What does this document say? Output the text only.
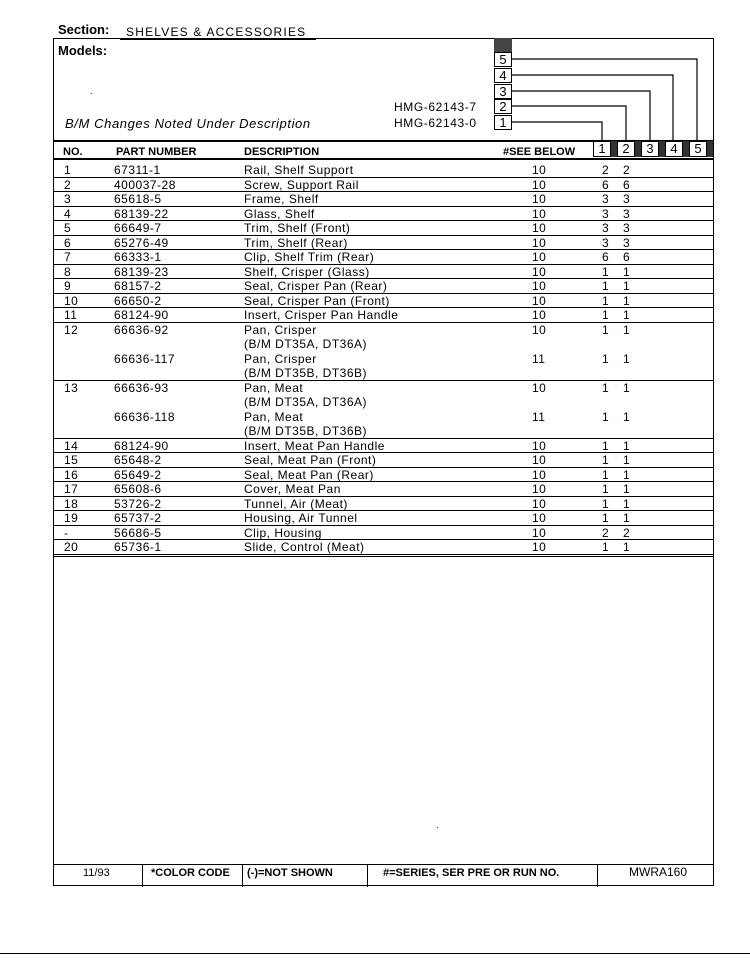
Section: SHELVES & ACCESSORIES
Models:
.
B/M Changes Noted Under Description
HMG-62143-7
HMG-62143-0
5
4
3
2
1
NO.	PART NUMBER	DESCRIPTION	#SEE BELOW	1	2	3	4	5
1	67311-1	Rail, Shelf Support	10	2 2
2	400037-28	Screw, Support Rail	10	6 6
3	65618-5	Frame, Shelf	10	3 3
4	68139-22	Glass, Shelf	10	3 3
5	66649-7	Trim, Shelf (Front)	10	3 3
6	65276-49	Trim, Shelf (Rear)	10	3 3
7	66333-1	Clip, Shelf Trim (Rear)	10	6 6
8	68139-23	Shelf, Crisper (Glass)	10	1 1
9	68157-2	Seal, Crisper Pan (Rear)	10	1 1
10	66650-2	Seal, Crisper Pan (Front)	10	1 1
11	68124-90	Insert, Crisper Pan Handle	10	1 1
12	66636-92	Pan, Crisper	10	1 1
(B/M DT35A, DT36A)
66636-117	Pan, Crisper	11	1 1
(B/M DT35B, DT36B)
13	66636-93	Pan, Meat	10	1 1
(B/M DT35A, DT36A)
66636-118	Pan, Meat	11	1 1
(B/M DT35B, DT36B)
14	68124-90	Insert, Meat Pan Handle	10	1 1
15	65648-2	Seal, Meat Pan (Front)	10	1 1
16	65649-2	Seal, Meat Pan (Rear)	10	1 1
17	65608-6	Cover, Meat Pan	10	1 1
18	53726-2	Tunnel, Air (Meat)	10	1 1
19	65737-2	Housing, Air Tunnel	10	1 1
-	56686-5	Clip, Housing	10	2 2
20	65736-1	Slide, Control (Meat)	10	1 1
.
11/93	*COLOR CODE (-)=NOT SHOWN	#=SERIES, SER PRE OR RUN NO.	MWRA160
